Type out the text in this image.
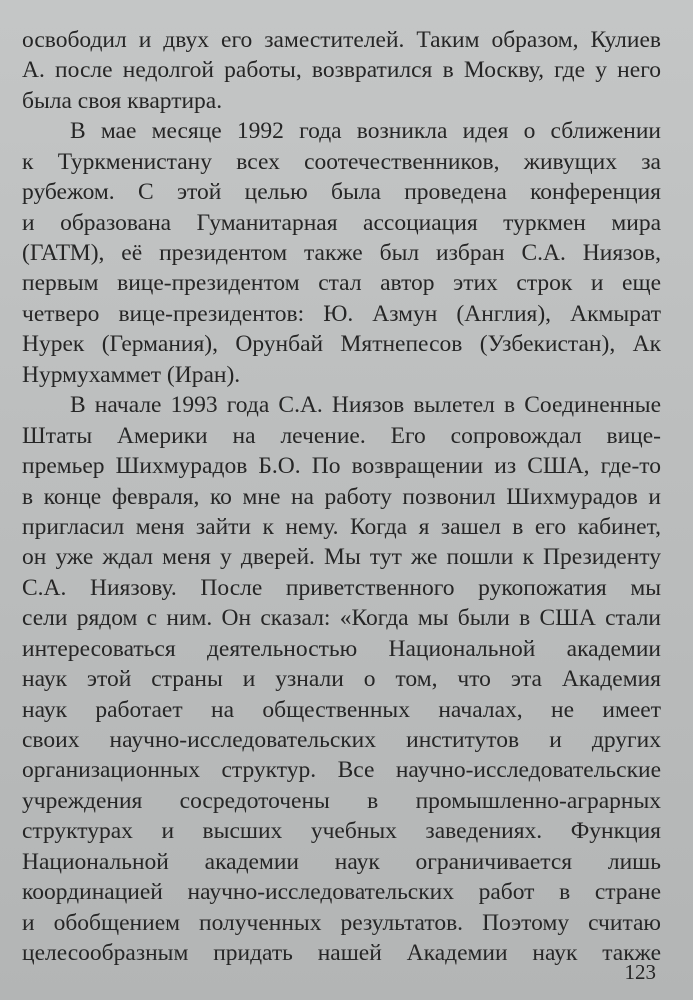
освободил и двух его заместителей. Таким образом, Кулиев
А. после недолгой работы, возвратился в Москву, где у него
была своя квартира.
В мае месяце 1992 года возникла идея о сближении
к Туркменистану всех соотечественников, живущих за
рубежом. С этой целью была проведена конференция
и образована Гуманитарная ассоциация туркмен мира
(ГАТМ), её президентом также был избран С.А. Ниязов,
первым вице-президентом стал автор этих строк и еще
четверо вице-президентов: Ю. Азмун (Англия), Акмырат
Нурек (Германия), Орунбай Мятнепесов (Узбекистан), Ак
Нурмухаммет (Иран).
В начале 1993 года С.А. Ниязов вылетел в Соединенные
Штаты Америки на лечение. Его сопровождал вице-
премьер Шихмурадов Б.О. По возвращении из США, где-то
в конце февраля, ко мне на работу позвонил Шихмурадов и
пригласил меня зайти к нему. Когда я зашел в его кабинет,
он уже ждал меня у дверей. Мы тут же пошли к Президенту
С.А. Ниязову. После приветственного рукопожатия мы
сели рядом с ним. Он сказал: «Когда мы были в США стали
интересоваться деятельностью Национальной академии
наук этой страны и узнали о том, что эта Академия
наук работает на общественных началах, не имеет
своих научно-исследовательских институтов и других
организационных структур. Все научно-исследовательские
учреждения сосредоточены в промышленно-аграрных
структурах и высших учебных заведениях. Функция
Национальной академии наук ограничивается лишь
координацией научно-исследовательских работ в стране
и обобщением полученных результатов. Поэтому считаю
целесообразным придать нашей Академии наук также
123
